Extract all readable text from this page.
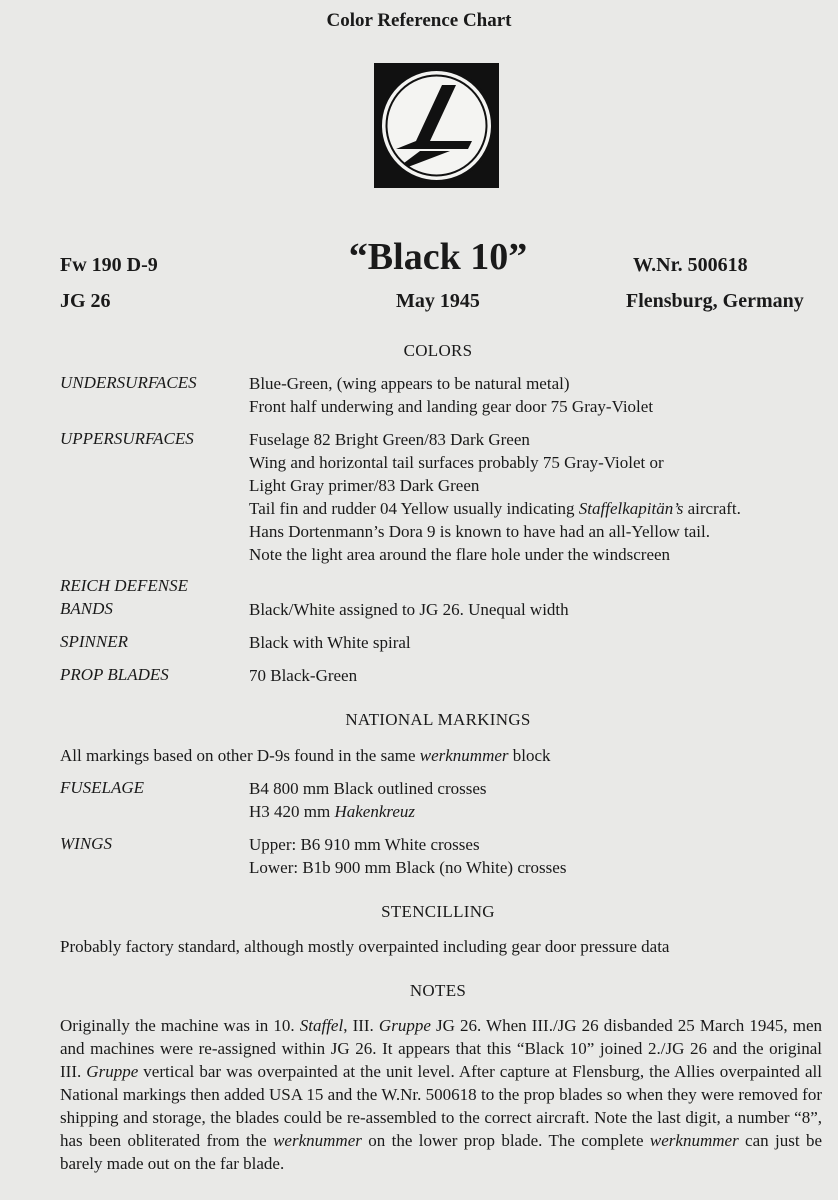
Color Reference Chart
Fw 190 D-9
JG 26
“Black 10”
May 1945
W.Nr. 500618
Flensburg, Germany
COLORS
UNDERSURFACES	Blue-Green, (wing appears to be natural metal)
Front half underwing and landing gear door 75 Gray-Violet
UPPERSURFACES	Fuselage 82 Bright Green/83 Dark Green
Wing and horizontal tail surfaces probably 75 Gray-Violet or
Light Gray primer/83 Dark Green
Tail fin and rudder 04 Yellow usually indicating Staffelkapitän’s aircraft.
Hans Dortenmann’s Dora 9 is known to have had an all-Yellow tail.
Note the light area around the flare hole under the windscreen
REICH DEFENSE
BANDS	Black/White assigned to JG 26. Unequal width
SPINNER	Black with White spiral
PROP BLADES	70 Black-Green
NATIONAL MARKINGS
All markings based on other D-9s found in the same werknummer block
FUSELAGE	B4 800 mm Black outlined crosses
H3 420 mm Hakenkreuz
WINGS	Upper: B6 910 mm White crosses
Lower: B1b 900 mm Black (no White) crosses
STENCILLING
Probably factory standard, although mostly overpainted including gear door pressure data
NOTES
Originally the machine was in 10. Staffel, III. Gruppe JG 26. When III./JG 26 disbanded 25 March 1945, men and machines were re-assigned within JG 26. It appears that this “Black 10” joined 2./JG 26 and the original III. Gruppe vertical bar was overpainted at the unit level. After capture at Flensburg, the Allies overpainted all National markings then added USA 15 and the W.Nr. 500618 to the prop blades so when they were removed for shipping and storage, the blades could be re-assembled to the correct aircraft. Note the last digit, a number “8”, has been obliterated from the werknummer on the lower prop blade. The complete werknummer can just be barely made out on the far blade.
